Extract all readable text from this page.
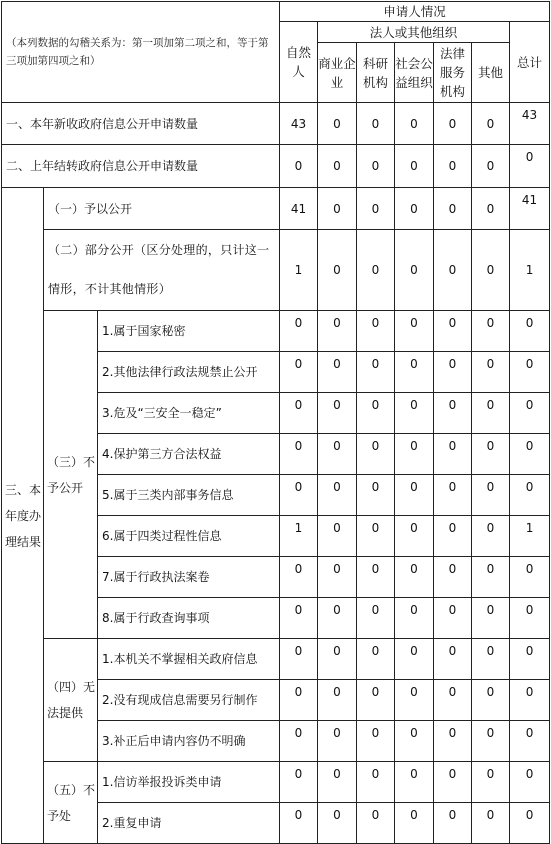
（本列数据的勾稽关系为：第一项加第二项之和，等于第三项加第四项之和）			申请人情况						
			自然人	法人或其他组织					总计
				商业企业	科研机构	社会公益组织	法律服务机构	其他	
一、本年新收政府信息公开申请数量			43	0	0	0	0	0	43
二、上年结转政府信息公开申请数量			0	0	0	0	0	0	0
三、本年度办理结果	（一）予以公开		41	0	0	0	0	0	41
	（二）部分公开（区分处理的，只计这一情形，不计其他情形）		1	0	0	0	0	0	1
	（三）不予公开	1.属于国家秘密	0	0	0	0	0	0	0
		2.其他法律行政法规禁止公开	0	0	0	0	0	0	0
		3.危及“三安全一稳定”	0	0	0	0	0	0	0
		4.保护第三方合法权益	0	0	0	0	0	0	0
		5.属于三类内部事务信息	0	0	0	0	0	0	0
		6.属于四类过程性信息	1	0	0	0	0	0	1
		7.属于行政执法案卷	0	0	0	0	0	0	0
		8.属于行政查询事项	0	0	0	0	0	0	0
	（四）无法提供	1.本机关不掌握相关政府信息	0	0	0	0	0	0	0
		2.没有现成信息需要另行制作	0	0	0	0	0	0	0
		3.补正后申请内容仍不明确	0	0	0	0	0	0	0
	（五）不予处	1.信访举报投诉类申请	0	0	0	0	0	0	0
		2.重复申请	0	0	0	0	0	0	0
